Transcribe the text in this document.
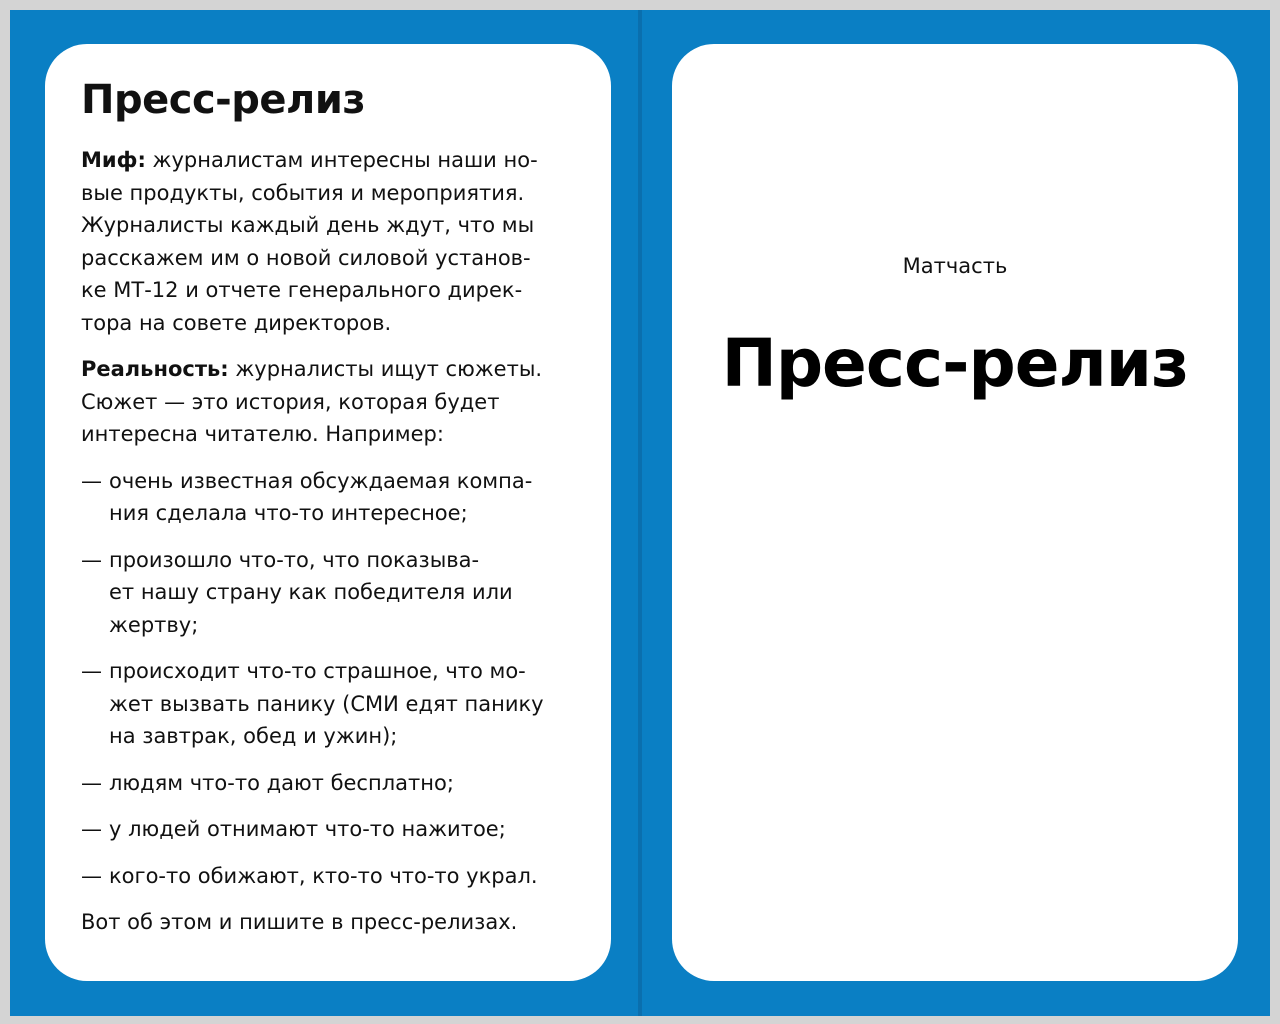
Пресс-релиз
Миф: журналистам интересны наши но-
вые продукты, события и мероприятия.
Журналисты каждый день ждут, что мы
расскажем им о новой силовой установ-
ке МТ-12 и отчете генерального дирек-
тора на совете директоров.
Реальность: журналисты ищут сюжеты.
Сюжет — это история, которая будет
интересна читателю. Например:
— очень известная обсуждаемая компа-
ния сделала что-то интересное;
— произошло что-то, что показыва-
ет нашу страну как победителя или
жертву;
— происходит что-то страшное, что мо-
жет вызвать панику (СМИ едят панику
на завтрак, обед и ужин);
— людям что-то дают бесплатно;
— у людей отнимают что-то нажитое;
— кого-то обижают, кто-то что-то украл.
Вот об этом и пишите в пресс-релизах.
Матчасть
Пресс-релиз
